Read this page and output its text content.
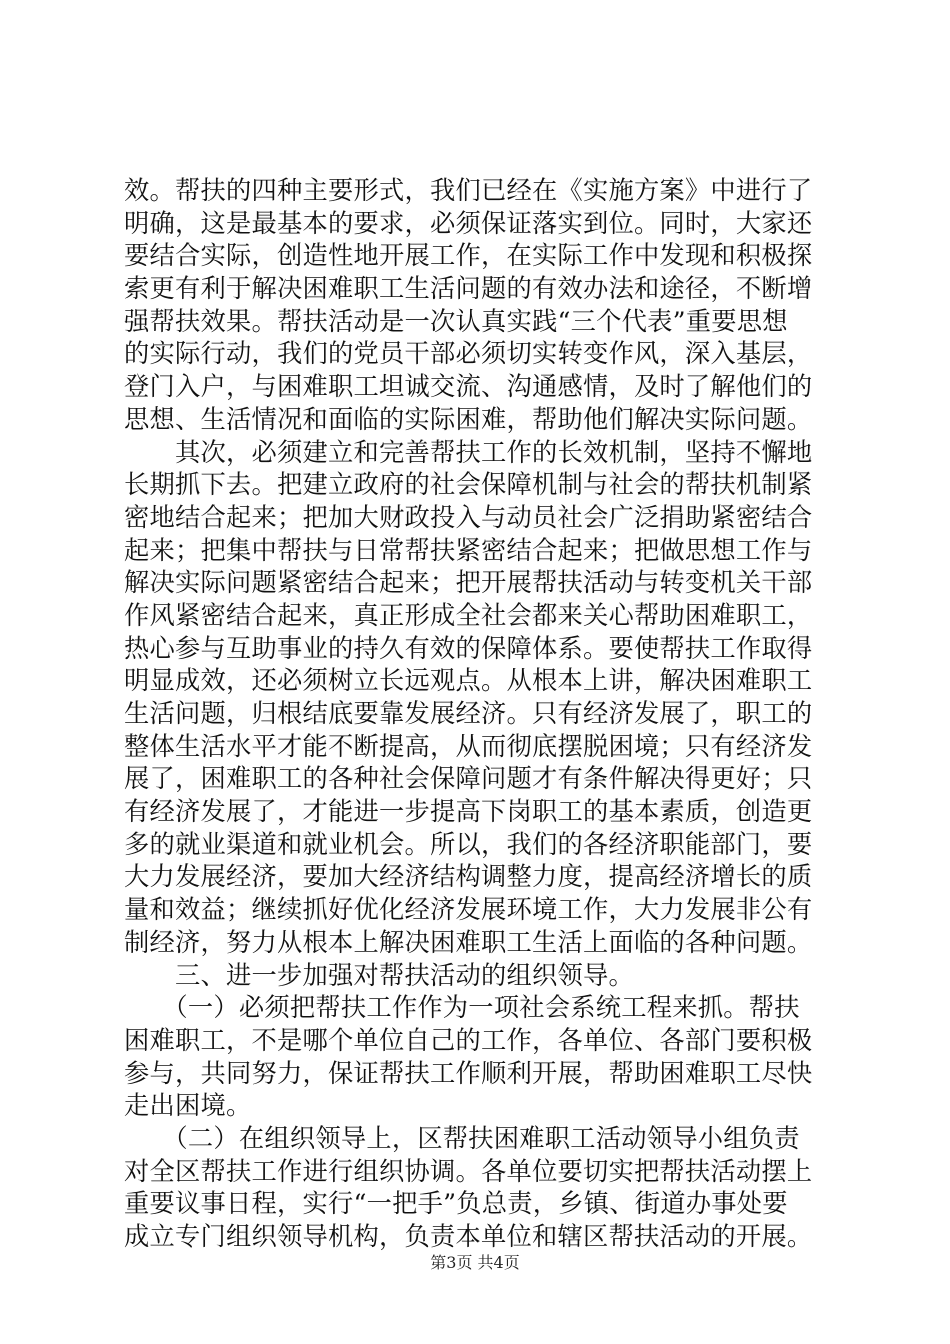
效。帮扶的四种主要形式，我们已经在《实施方案》中进行了
明确，这是最基本的要求，必须保证落实到位。同时，大家还
要结合实际，创造性地开展工作，在实际工作中发现和积极探
索更有利于解决困难职工生活问题的有效办法和途径，不断增
强帮扶效果。帮扶活动是一次认真实践“三个代表”重要思想
的实际行动，我们的党员干部必须切实转变作风，深入基层，
登门入户，与困难职工坦诚交流、沟通感情，及时了解他们的
思想、生活情况和面临的实际困难，帮助他们解决实际问题。
　　其次，必须建立和完善帮扶工作的长效机制，坚持不懈地
长期抓下去。把建立政府的社会保障机制与社会的帮扶机制紧
密地结合起来；把加大财政投入与动员社会广泛捐助紧密结合
起来；把集中帮扶与日常帮扶紧密结合起来；把做思想工作与
解决实际问题紧密结合起来；把开展帮扶活动与转变机关干部
作风紧密结合起来，真正形成全社会都来关心帮助困难职工，
热心参与互助事业的持久有效的保障体系。要使帮扶工作取得
明显成效，还必须树立长远观点。从根本上讲，解决困难职工
生活问题，归根结底要靠发展经济。只有经济发展了，职工的
整体生活水平才能不断提高，从而彻底摆脱困境；只有经济发
展了，困难职工的各种社会保障问题才有条件解决得更好；只
有经济发展了，才能进一步提高下岗职工的基本素质，创造更
多的就业渠道和就业机会。所以，我们的各经济职能部门，要
大力发展经济，要加大经济结构调整力度，提高经济增长的质
量和效益；继续抓好优化经济发展环境工作，大力发展非公有
制经济，努力从根本上解决困难职工生活上面临的各种问题。
　　三、进一步加强对帮扶活动的组织领导。
　　（一）必须把帮扶工作作为一项社会系统工程来抓。帮扶
困难职工，不是哪个单位自己的工作，各单位、各部门要积极
参与，共同努力，保证帮扶工作顺利开展，帮助困难职工尽快
走出困境。
　　（二）在组织领导上，区帮扶困难职工活动领导小组负责
对全区帮扶工作进行组织协调。各单位要切实把帮扶活动摆上
重要议事日程，实行“一把手”负总责，乡镇、街道办事处要
成立专门组织领导机构，负责本单位和辖区帮扶活动的开展。
第3页 共4页
